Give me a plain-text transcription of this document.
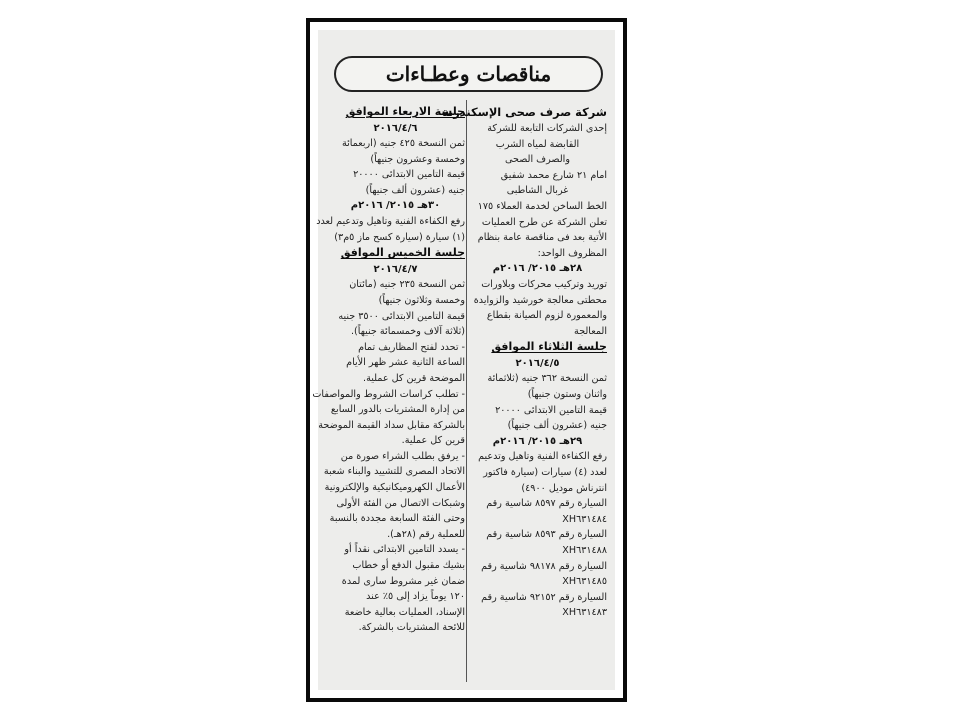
مناقصات وعطـاءات

شركة صرف صحى الإسكندرية

إحدى الشركات التابعة للشركة

القابضة لمياه الشرب

والصرف الصحى

امام ٢١ شارع محمد شفيق

غربال الشاطبى

الخط الساخن لخدمة العملاء ١٧٥

تعلن الشركة عن طرح العمليات

الأتية بعد فى مناقصة عامة بنظام

المظروف الواحد:

٢٨هـ ٢٠١٥/ ٢٠١٦م

توريد وتركيب محركات وبلاورات

محطتى معالجة خورشيد والزوايدة

والمعمورة لزوم الصيانة بقطاع

المعالجة

جلسة الثلاثاء الموافق

٢٠١٦/٤/٥

ثمن النسخة ٣٦٢ جنيه (ثلاثمائة

واثنان وستون جنيهاً)

قيمة التامين الابتدائى ٢٠٠٠٠

جنيه (عشرون ألف جنيهاً)

٢٩هـ ٢٠١٥/ ٢٠١٦م

رفع الكفاءة الفنية وتاهيل وتدعيم

لعدد (٤) سيارات (سيارة فاكتور

انترناش موديل ٤٩٠٠)

السيارة رقم ٨٥٩٧ شاسية رقم

XH٦٣١٤٨٤

السيارة رقم ٨٥٩٣ شاسية رقم

XH٦٣١٤٨٨

السيارة رقم ٩٨١٧٨ شاسية رقم

XH٦٣١٤٨٥

السيارة رقم ٩٢١٥٢ شاسية رقم

XH٦٣١٤٨٣

جلسة الاربعاء الموافق

٢٠١٦/٤/٦

ثمن النسخة ٤٢٥ جنيه (اربعمائة

وخمسة وعشرون جنيهاً)

قيمة التامين الابتدائى ٢٠٠٠٠

جنيه (عشرون ألف جنيهاً)

٣٠هـ ٢٠١٥/ ٢٠١٦م

رفع الكفاءة الفنية وتاهيل وتدعيم لعدد

(١) سيارة (سيارة كسح ماز ٥م٣)

جلسة الخميس الموافق

٢٠١٦/٤/٧

ثمن النسخة ٢٣٥ جنيه (مائتان

وخمسة وثلاثون جنيهاً)

قيمة التامين الابتدائى ٣٥٠٠ جنيه

(ثلاثة آلاف وخمسمائة جنيهاً).

- تحدد لفتح المظاريف تمام

الساعة الثانية عشر ظهر الأيام

الموضحة قرين كل عملية.

- تطلب كراسات الشروط والمواصفات

من إدارة المشتريات بالدور السابع

بالشركة مقابل سداد القيمة الموضحة

قرين كل عملية.

- يرفق بطلب الشراء صورة من

الاتحاد المصرى للتشييد والبناء شعبة

الأعمال الكهروميكانيكية والإلكترونية

وشبكات الاتصال من الفئة الأولى

وحتى الفئة السابعة مجددة بالنسبة

للعملية رقم (٢٨هـ).

- يسدد التامين الابتدائى نقداً أو

بشيك مقبول الدفع أو خطاب

ضمان غير مشروط سارى لمدة

١٢٠ يوماً يزاد إلى ٥٪ عند

الإسناد، العمليات بعالية خاضعة

للائحة المشتريات بالشركة.
